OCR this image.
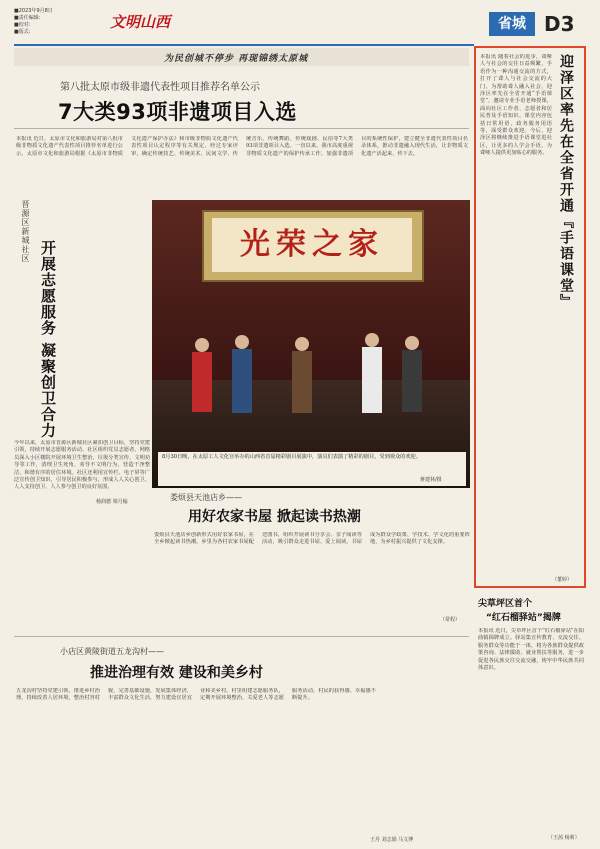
■2023年9月8日
■责任编辑:
■校对:
■版式:
文明山西	省城 D3
为民创城不停步 再现锦绣太原城
第八批太原市级非遗代表性项目推荐名单公示
7大类93项非遗项目入选
本报讯 近日，太原市文化和旅游局对第八批市级非物质文化遗产代表性项目推荐名单进行公示。太原市文化和旅游局根据《太原市非物质文化遗产保护办法》和市级非物质文化遗产代表性项目认定程序等有关规定，经过专家评审，确定传统技艺、传统美术、民间文学、传统音乐、传统舞蹈、传统戏剧、民俗等7大类93项非遗项目入选。一直以来，我市高度重视非物质文化遗产的保护传承工作，加强非遗项目的系统性保护，建立健全非遗代表性项目名录体系，推动非遗融入现代生活，让非物质文化遗产活起来、传下去。
晋源区新城社区
开展志愿服务 凝聚创卫合力
今年以来，太原市晋源区新城社区紧扣创卫目标，坚持党建引领，持续开展志愿服务活动。社区组织党员志愿者、网格员深入小区楼院开展环境卫生整治、垃圾分类宣传、文明劝导等工作，清理卫生死角，劝导不文明行为，营造干净整洁、和谐有序的居住环境。社区还利用宣传栏、电子屏等广泛宣传创卫知识，引导居民积极参与，形成人人关心创卫、人人支持创卫、人人参与创卫的良好氛围。
杨润德 梁月翰
光荣之家
8月30日晚，在太原工人文化宫举办的山西省首届精彩剧目展演中，演员们表演了精彩的剧目，受到观众的欢迎。
蒋建林/摄
娄烦县天池店乡——
用好农家书屋 掀起读书热潮
娄烦县天池店乡创新形式用好农家书屋，在全乡掀起读书热潮。乡里为各村农家书屋配送图书，组织开展读书分享会、亲子阅读等活动，吸引群众走进书屋、爱上阅读。书屋成为群众学政策、学技术、学文化的重要阵地，为乡村振兴提供了文化支撑。
（常程）
小店区黄陵街道五龙沟村——
推进治理有效 建设和美乡村
五龙沟村坚持党建引领，推进乡村治理，持续改善人居环境，整治村容村貌，完善基础设施，发展集体经济，丰富群众文化生活，努力建设宜居宜业和美乡村。村里组建志愿服务队，定期开展环境整治、关爱老人等志愿服务活动，村民的获得感、幸福感不断提升。
王丹 刘志娟 马文博
迎泽区率先在全省开通『手语课堂』
本报讯 随着社会的进步，聋哑人与社会的交往日益频繁，手语作为一种沟通交流的方式，打开了聋人与社会交流的大门。为帮助聋人融入社会，迎泽区率先在全省开通“手语课堂”，邀请专业手语老师授课，面向社区工作者、志愿者和居民普及手语知识。课堂内容包括日常用语、政务服务用语等，深受群众欢迎。今后，迎泽区将继续推进手语课堂进社区，让更多的人学会手语，为聋哑人提供更加贴心的服务。
（董婷）
尖草坪区首个
“红石榴驿站”揭牌
本报讯 近日，尖草坪区首个“红石榴驿站”在阳曲镇揭牌成立。驿站集宣传教育、交流交往、服务群众等功能于一体，将为各族群众提供政策咨询、法律援助、就业帮扶等服务，进一步促进各民族交往交流交融，铸牢中华民族共同体意识。
（王茜 杨莉）
